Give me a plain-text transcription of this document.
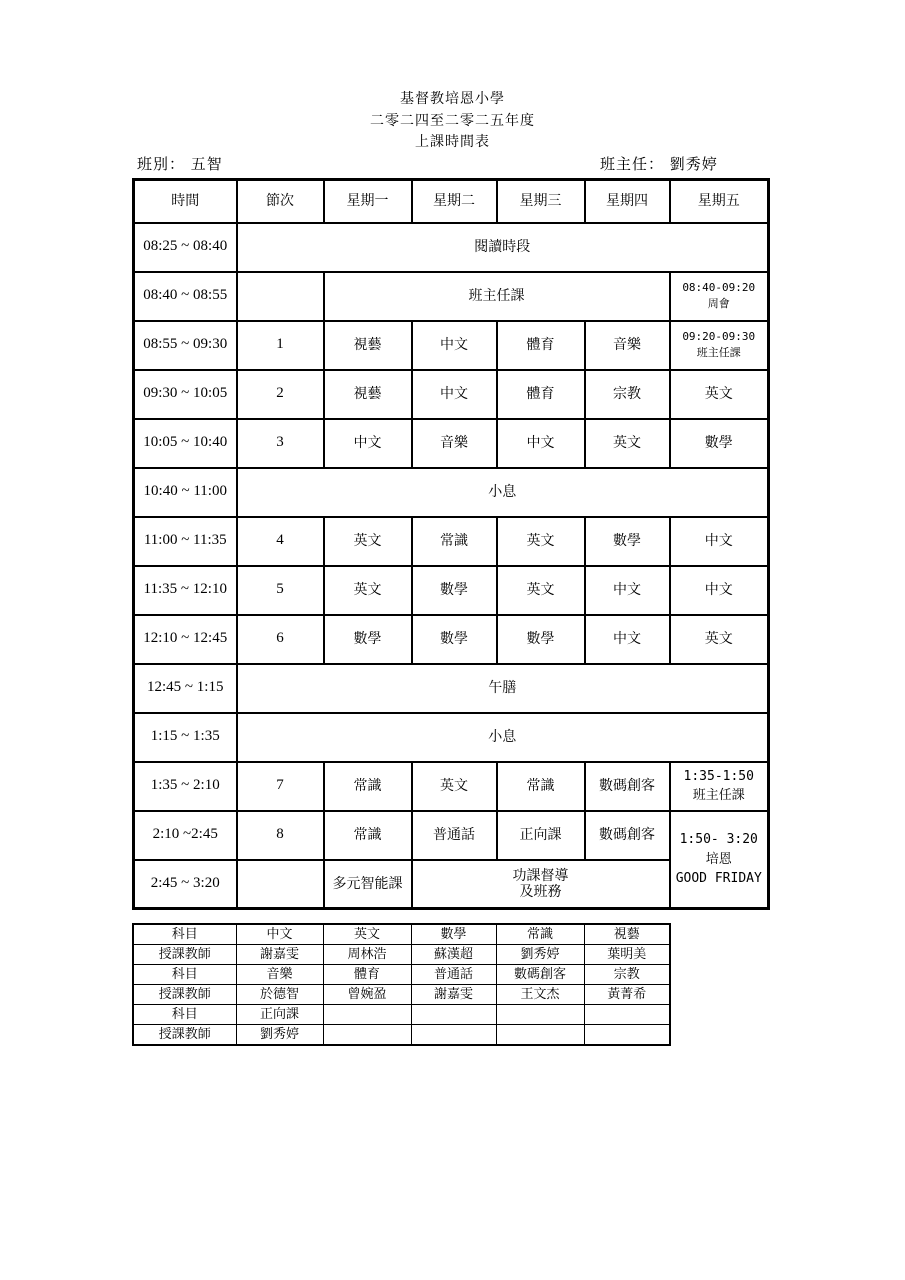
基督教培恩小學
二零二四至二零二五年度
上課時間表
班別： 五智	班主任： 劉秀婷
時間	節次	星期一	星期二	星期三	星期四	星期五
08:25 ~ 08:40	閱讀時段					
08:40 ~ 08:55		班主任課				08:40-09:20
周會

08:55 ~ 09:30	1	視藝	中文	體育	音樂	09:20-09:30
班主任課

09:30 ~ 10:05	2	視藝	中文	體育	宗教	英文
10:05 ~ 10:40	3	中文	音樂	中文	英文	數學
10:40 ~ 11:00	小息					
11:00 ~ 11:35	4	英文	常識	英文	數學	中文
11:35 ~ 12:10	5	英文	數學	英文	中文	中文
12:10 ~ 12:45	6	數學	數學	數學	中文	英文
12:45 ~ 1:15	午膳					
1:15 ~ 1:35	小息					
1:35 ~ 2:10	7	常識	英文	常識	數碼創客	1:35-1:50
班主任課

2:10 ~2:45	8	常識	普通話	正向課	數碼創客	1:50- 3:20
培恩
GOOD FRIDAY

2:45 ~ 3:20		多元智能課	功課督導
及班務			
科目	中文	英文	數學	常識	視藝
授課教師	謝嘉雯	周林浩	蘇漢超	劉秀婷	葉明美
科目	音樂	體育	普通話	數碼創客	宗教
授課教師	於德智	曾婉盈	謝嘉雯	王文杰	黃菁希
科目	正向課				
授課教師	劉秀婷				
